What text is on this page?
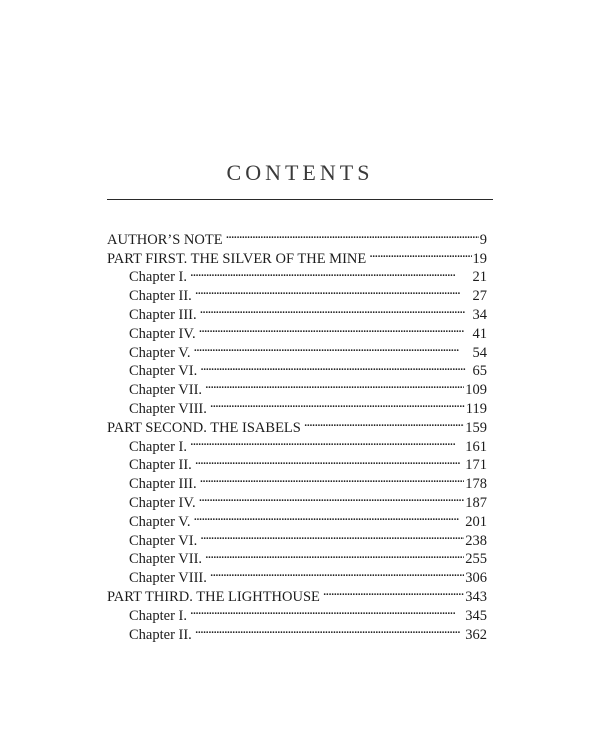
CONTENTS
AUTHOR’S NOTE . . .	9
PART FIRST. THE SILVER OF THE MINE . . .	19
Chapter I. . . .	21
Chapter II. . . .	27
Chapter III. . . .	34
Chapter IV. . . .	41
Chapter V. . . .	54
Chapter VI. . . .	65
Chapter VII. . . .	109
Chapter VIII. . . .	119
PART SECOND. THE ISABELS . . .	159
Chapter I. . . .	161
Chapter II. . . .	171
Chapter III. . . .	178
Chapter IV. . . .	187
Chapter V. . . .	201
Chapter VI. . . .	238
Chapter VII. . . .	255
Chapter VIII. . . .	306
PART THIRD. THE LIGHTHOUSE . . .	343
Chapter I. . . .	345
Chapter II. . . .	362
